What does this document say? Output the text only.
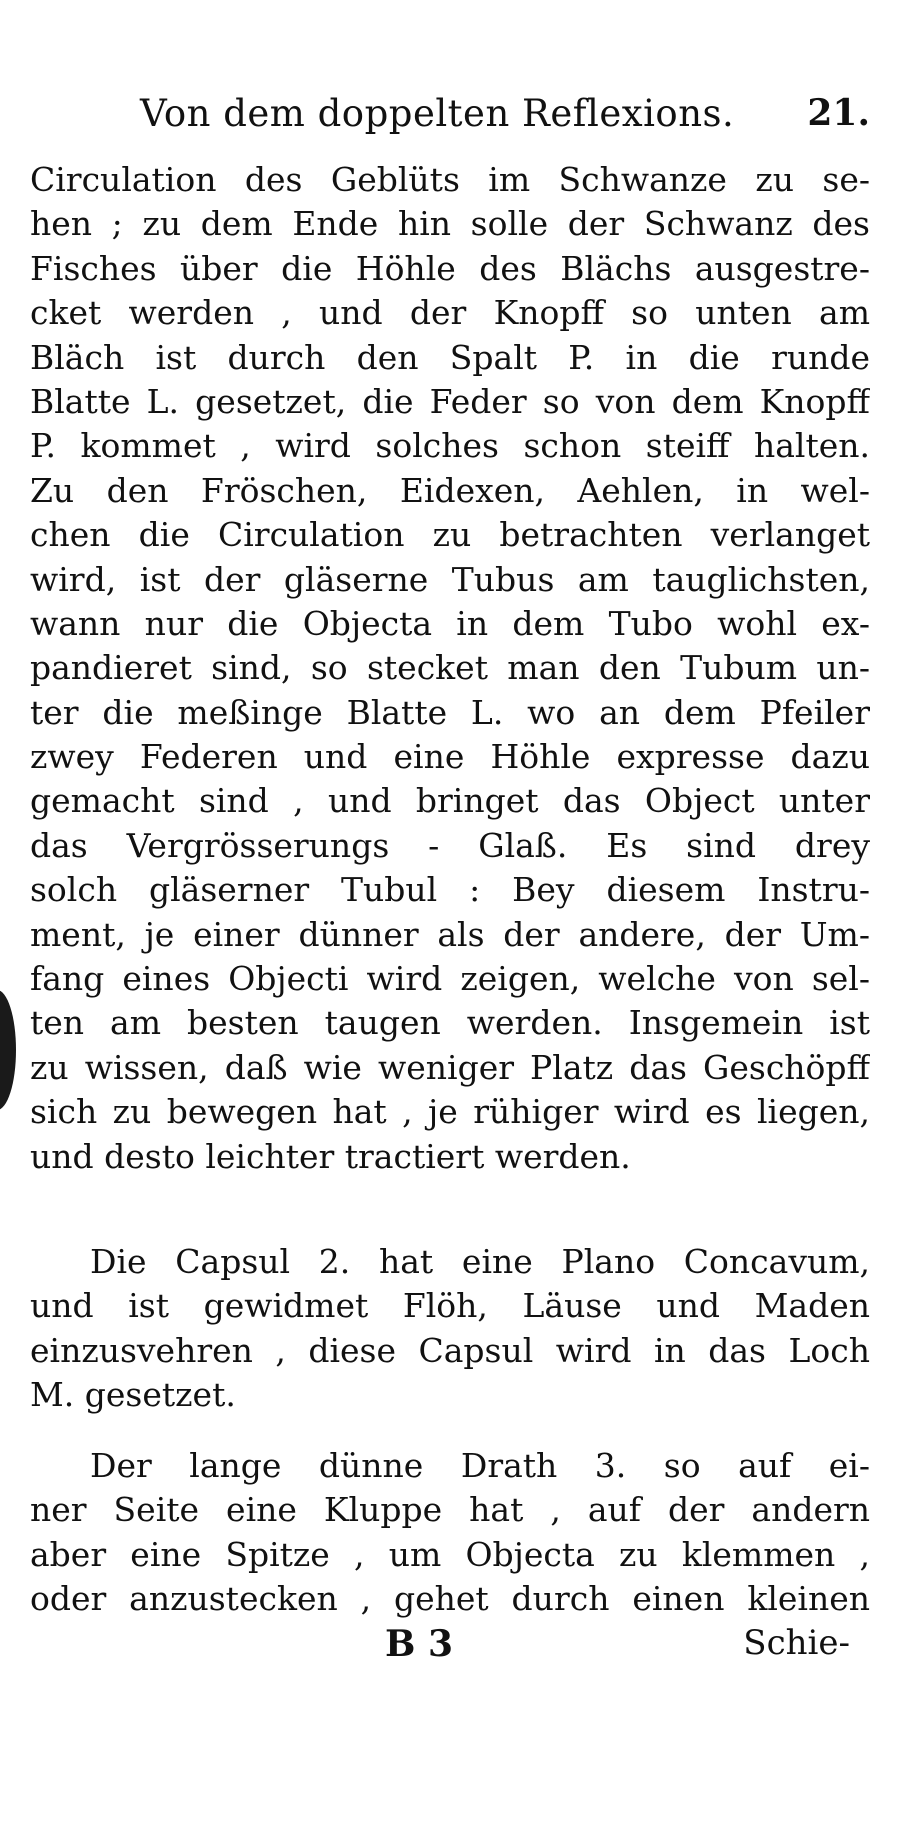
Von dem doppelten Reflexions. 21.
Circulation des Geblüts im Schwanze zu se-
hen ; zu dem Ende hin solle der Schwanz des
Fisches über die Höhle des Blächs ausgestre-
cket werden , und der Knopff so unten am
Bläch ist durch den Spalt P. in die runde
Blatte L. gesetzet, die Feder so von dem Knopff
P. kommet , wird solches schon steiff halten.
Zu den Fröschen, Eidexen, Aehlen, in wel-
chen die Circulation zu betrachten verlanget
wird, ist der gläserne Tubus am tauglichsten,
wann nur die Objecta in dem Tubo wohl ex-
pandieret sind, so stecket man den Tubum un-
ter die meßinge Blatte L. wo an dem Pfeiler
zwey Federen und eine Höhle expresse dazu
gemacht sind , und bringet das Object unter
das Vergrösserungs - Glaß. Es sind drey
solch gläserner Tubul : Bey diesem Instru-
ment, je einer dünner als der andere, der Um-
fang eines Objecti wird zeigen, welche von sel-
ten am besten taugen werden. Insgemein ist
zu wissen, daß wie weniger Platz das Geschöpff
sich zu bewegen hat , je rühiger wird es liegen,
und desto leichter tractiert werden.
Die Capsul 2. hat eine Plano Concavum,
und ist gewidmet Flöh, Läuse und Maden
einzusvehren , diese Capsul wird in das Loch
M. gesetzet.
Der lange dünne Drath 3. so auf ei-
ner Seite eine Kluppe hat , auf der andern
aber eine Spitze , um Objecta zu klemmen ,
oder anzustecken , gehet durch einen kleinen
B 3	Schie-
